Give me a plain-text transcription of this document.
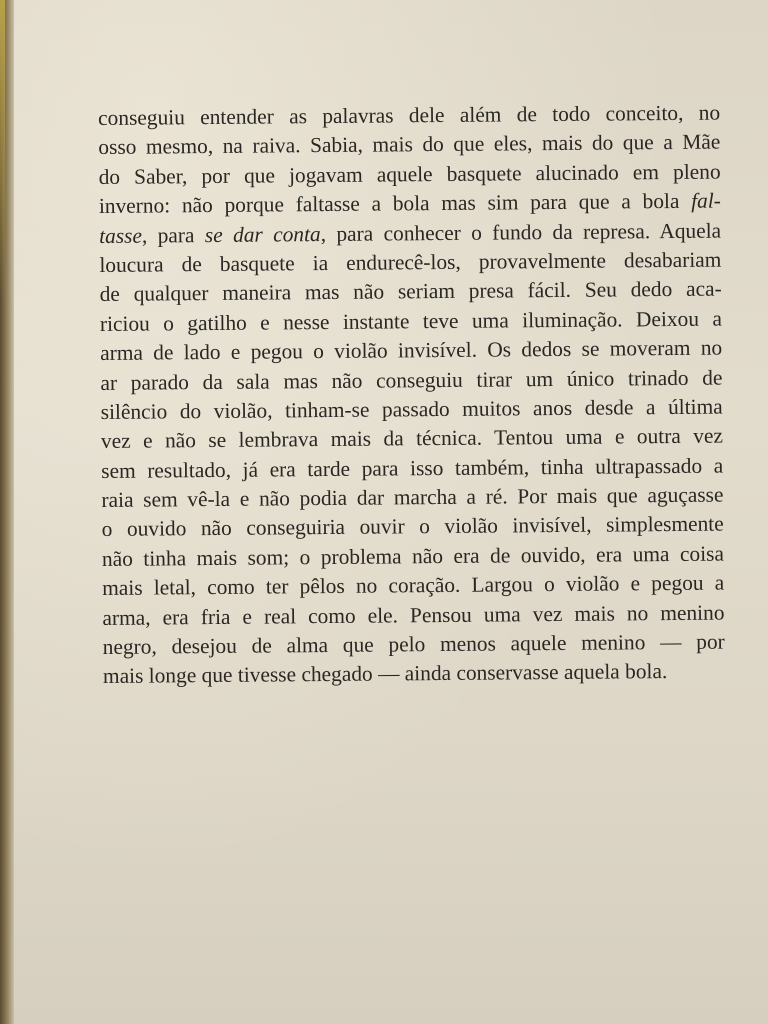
conseguiu entender as palavras dele além de todo conceito, no
osso mesmo, na raiva. Sabia, mais do que eles, mais do que a Mãe
do Saber, por que jogavam aquele basquete alucinado em pleno
inverno: não porque faltasse a bola mas sim para que a bola fal-
tasse, para se dar conta, para conhecer o fundo da represa. Aquela
loucura de basquete ia endurecê-los, provavelmente desabariam
de qualquer maneira mas não seriam presa fácil. Seu dedo aca-
riciou o gatilho e nesse instante teve uma iluminação. Deixou a
arma de lado e pegou o violão invisível. Os dedos se moveram no
ar parado da sala mas não conseguiu tirar um único trinado de
silêncio do violão, tinham-se passado muitos anos desde a última
vez e não se lembrava mais da técnica. Tentou uma e outra vez
sem resultado, já era tarde para isso também, tinha ultrapassado a
raia sem vê-la e não podia dar marcha a ré. Por mais que aguçasse
o ouvido não conseguiria ouvir o violão invisível, simplesmente
não tinha mais som; o problema não era de ouvido, era uma coisa
mais letal, como ter pêlos no coração. Largou o violão e pegou a
arma, era fria e real como ele. Pensou uma vez mais no menino
negro, desejou de alma que pelo menos aquele menino — por
mais longe que tivesse chegado — ainda conservasse aquela bola.
